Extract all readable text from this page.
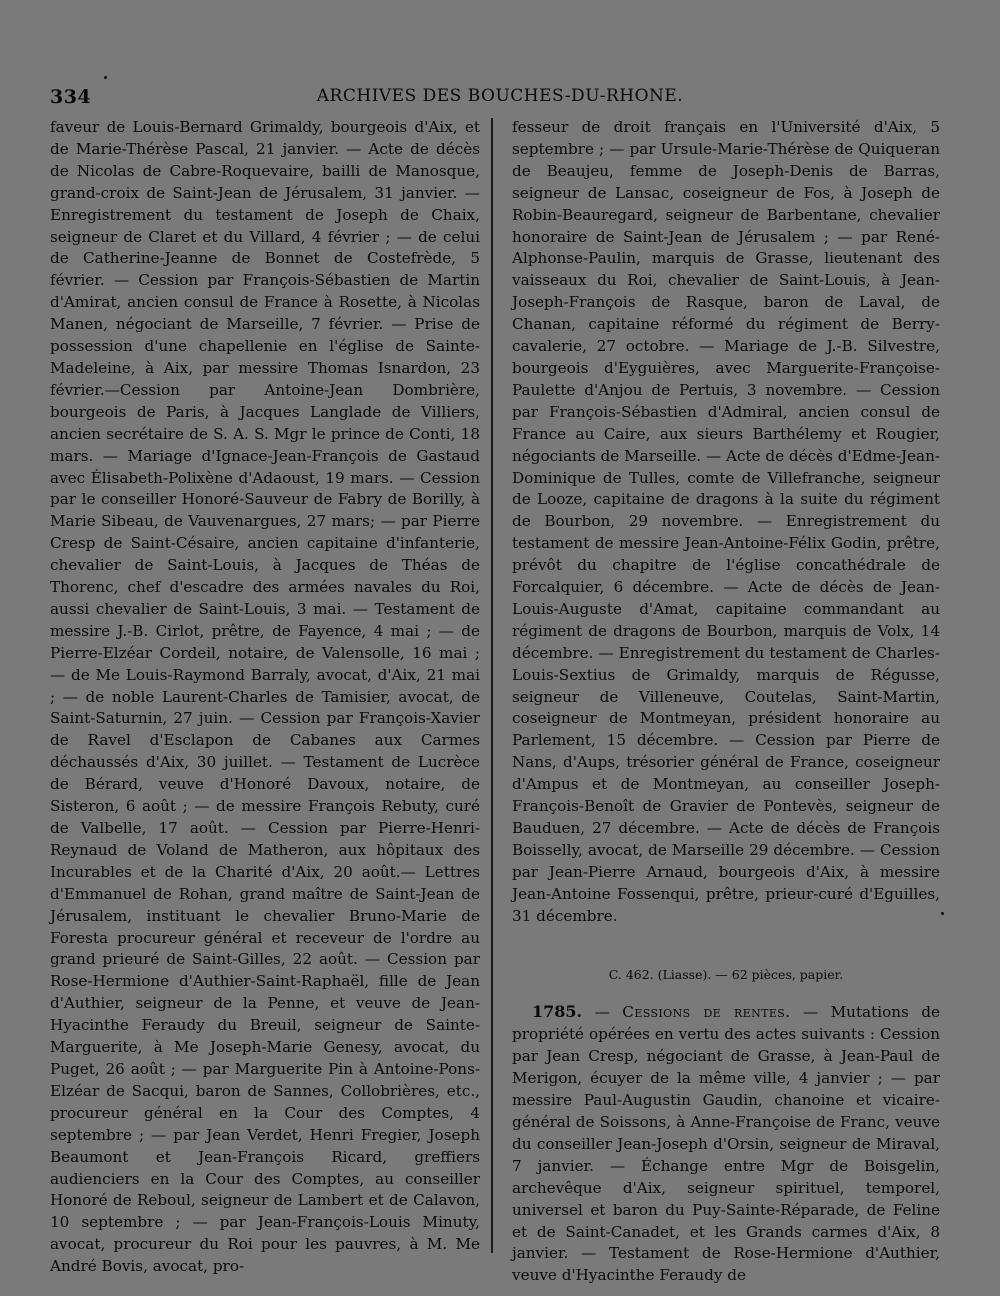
334	ARCHIVES DES BOUCHES-DU-RHONE.

faveur de Louis-Bernard Grimaldy, bourgeois d'Aix, et de Marie-Thérèse Pascal, 21 janvier. — Acte de décès de Nicolas de Cabre-Roquevaire, bailli de Manosque, grand-croix de Saint-Jean de Jérusalem, 31 janvier. — Enregistrement du testament de Joseph de Chaix, seigneur de Claret et du Villard, 4 février ; — de celui de Catherine-Jeanne de Bonnet de Costefrède, 5 février. — Cession par François-Sébastien de Martin d'Amirat, ancien consul de France à Rosette, à Nicolas Manen, négociant de Marseille, 7 février. — Prise de possession d'une chapellenie en l'église de Sainte-Madeleine, à Aix, par messire Thomas Isnardon, 23 février.—Cession par Antoine-Jean Dombrière, bourgeois de Paris, à Jacques Langlade de Villiers, ancien secrétaire de S. A. S. Mgr le prince de Conti, 18 mars. — Mariage d'Ignace-Jean-François de Gastaud avec Élisabeth-Polixène d'Adaoust, 19 mars. — Cession par le conseiller Honoré-Sauveur de Fabry de Borilly, à Marie Sibeau, de Vauvenargues, 27 mars; — par Pierre Cresp de Saint-Césaire, ancien capitaine d'infanterie, chevalier de Saint-Louis, à Jacques de Théas de Thorenc, chef d'escadre des armées navales du Roi, aussi chevalier de Saint-Louis, 3 mai. — Testament de messire J.-B. Cirlot, prêtre, de Fayence, 4 mai ; — de Pierre-Elzéar Cordeil, notaire, de Valensolle, 16 mai ; — de Me Louis-Raymond Barraly, avocat, d'Aix, 21 mai ; — de noble Laurent-Charles de Tamisier, avocat, de Saint-Saturnin, 27 juin. — Cession par François-Xavier de Ravel d'Esclapon de Cabanes aux Carmes déchaussés d'Aix, 30 juillet. — Testament de Lucrèce de Bérard, veuve d'Honoré Davoux, notaire, de Sisteron, 6 août ; — de messire François Rebuty, curé de Valbelle, 17 août. — Cession par Pierre-Henri-Reynaud de Voland de Matheron, aux hôpitaux des Incurables et de la Charité d'Aix, 20 août.— Lettres d'Emmanuel de Rohan, grand maître de Saint-Jean de Jérusalem, instituant le chevalier Bruno-Marie de Foresta procureur général et receveur de l'ordre au grand prieuré de Saint-Gilles, 22 août. — Cession par Rose-Hermione d'Authier-Saint-Raphaël, fille de Jean d'Authier, seigneur de la Penne, et veuve de Jean-Hyacinthe Feraudy du Breuil, seigneur de Sainte-Marguerite, à Me Joseph-Marie Genesy, avocat, du Puget, 26 août ; — par Marguerite Pin à Antoine-Pons-Elzéar de Sacqui, baron de Sannes, Collobrières, etc., procureur général en la Cour des Comptes, 4 septembre ; — par Jean Verdet, Henri Fregier, Joseph Beaumont et Jean-François Ricard, greffiers audienciers en la Cour des Comptes, au conseiller Honoré de Reboul, seigneur de Lambert et de Calavon, 10 septembre ; — par Jean-François-Louis Minuty, avocat, procureur du Roi pour les pauvres, à M. Me André Bovis, avocat, pro-

fesseur de droit français en l'Université d'Aix, 5 septembre ; — par Ursule-Marie-Thérèse de Quiqueran de Beaujeu, femme de Joseph-Denis de Barras, seigneur de Lansac, coseigneur de Fos, à Joseph de Robin-Beauregard, seigneur de Barbentane, chevalier honoraire de Saint-Jean de Jérusalem ; — par René-Alphonse-Paulin, marquis de Grasse, lieutenant des vaisseaux du Roi, chevalier de Saint-Louis, à Jean-Joseph-François de Rasque, baron de Laval, de Chanan, capitaine réformé du régiment de Berry-cavalerie, 27 octobre. — Mariage de J.-B. Silvestre, bourgeois d'Eyguières, avec Marguerite-Françoise-Paulette d'Anjou de Pertuis, 3 novembre. — Cession par François-Sébastien d'Admiral, ancien consul de France au Caire, aux sieurs Barthélemy et Rougier, négociants de Marseille. — Acte de décès d'Edme-Jean-Dominique de Tulles, comte de Villefranche, seigneur de Looze, capitaine de dragons à la suite du régiment de Bourbon, 29 novembre. — Enregistrement du testament de messire Jean-Antoine-Félix Godin, prêtre, prévôt du chapitre de l'église concathédrale de Forcalquier, 6 décembre. — Acte de décès de Jean-Louis-Auguste d'Amat, capitaine commandant au régiment de dragons de Bourbon, marquis de Volx, 14 décembre. — Enregistrement du testament de Charles-Louis-Sextius de Grimaldy, marquis de Régusse, seigneur de Villeneuve, Coutelas, Saint-Martin, coseigneur de Montmeyan, président honoraire au Parlement, 15 décembre. — Cession par Pierre de Nans, d'Aups, trésorier général de France, coseigneur d'Ampus et de Montmeyan, au conseiller Joseph-François-Benoît de Gravier de Pontevès, seigneur de Bauduen, 27 décembre. — Acte de décès de François Boisselly, avocat, de Marseille 29 décembre. — Cession par Jean-Pierre Arnaud, bourgeois d'Aix, à messire Jean-Antoine Fossenqui, prêtre, prieur-curé d'Eguilles, 31 décembre.

C. 462. (Liasse). — 62 pièces, papier.

1785. — Cessions de rentes. — Mutations de propriété opérées en vertu des actes suivants : Cession par Jean Cresp, négociant de Grasse, à Jean-Paul de Merigon, écuyer de la même ville, 4 janvier ; — par messire Paul-Augustin Gaudin, chanoine et vicaire-général de Soissons, à Anne-Françoise de Franc, veuve du conseiller Jean-Joseph d'Orsin, seigneur de Miraval, 7 janvier. — Échange entre Mgr de Boisgelin, archevêque d'Aix, seigneur spirituel, temporel, universel et baron du Puy-Sainte-Réparade, de Feline et de Saint-Canadet, et les Grands carmes d'Aix, 8 janvier. — Testament de Rose-Hermione d'Authier, veuve d'Hyacinthe Feraudy de
